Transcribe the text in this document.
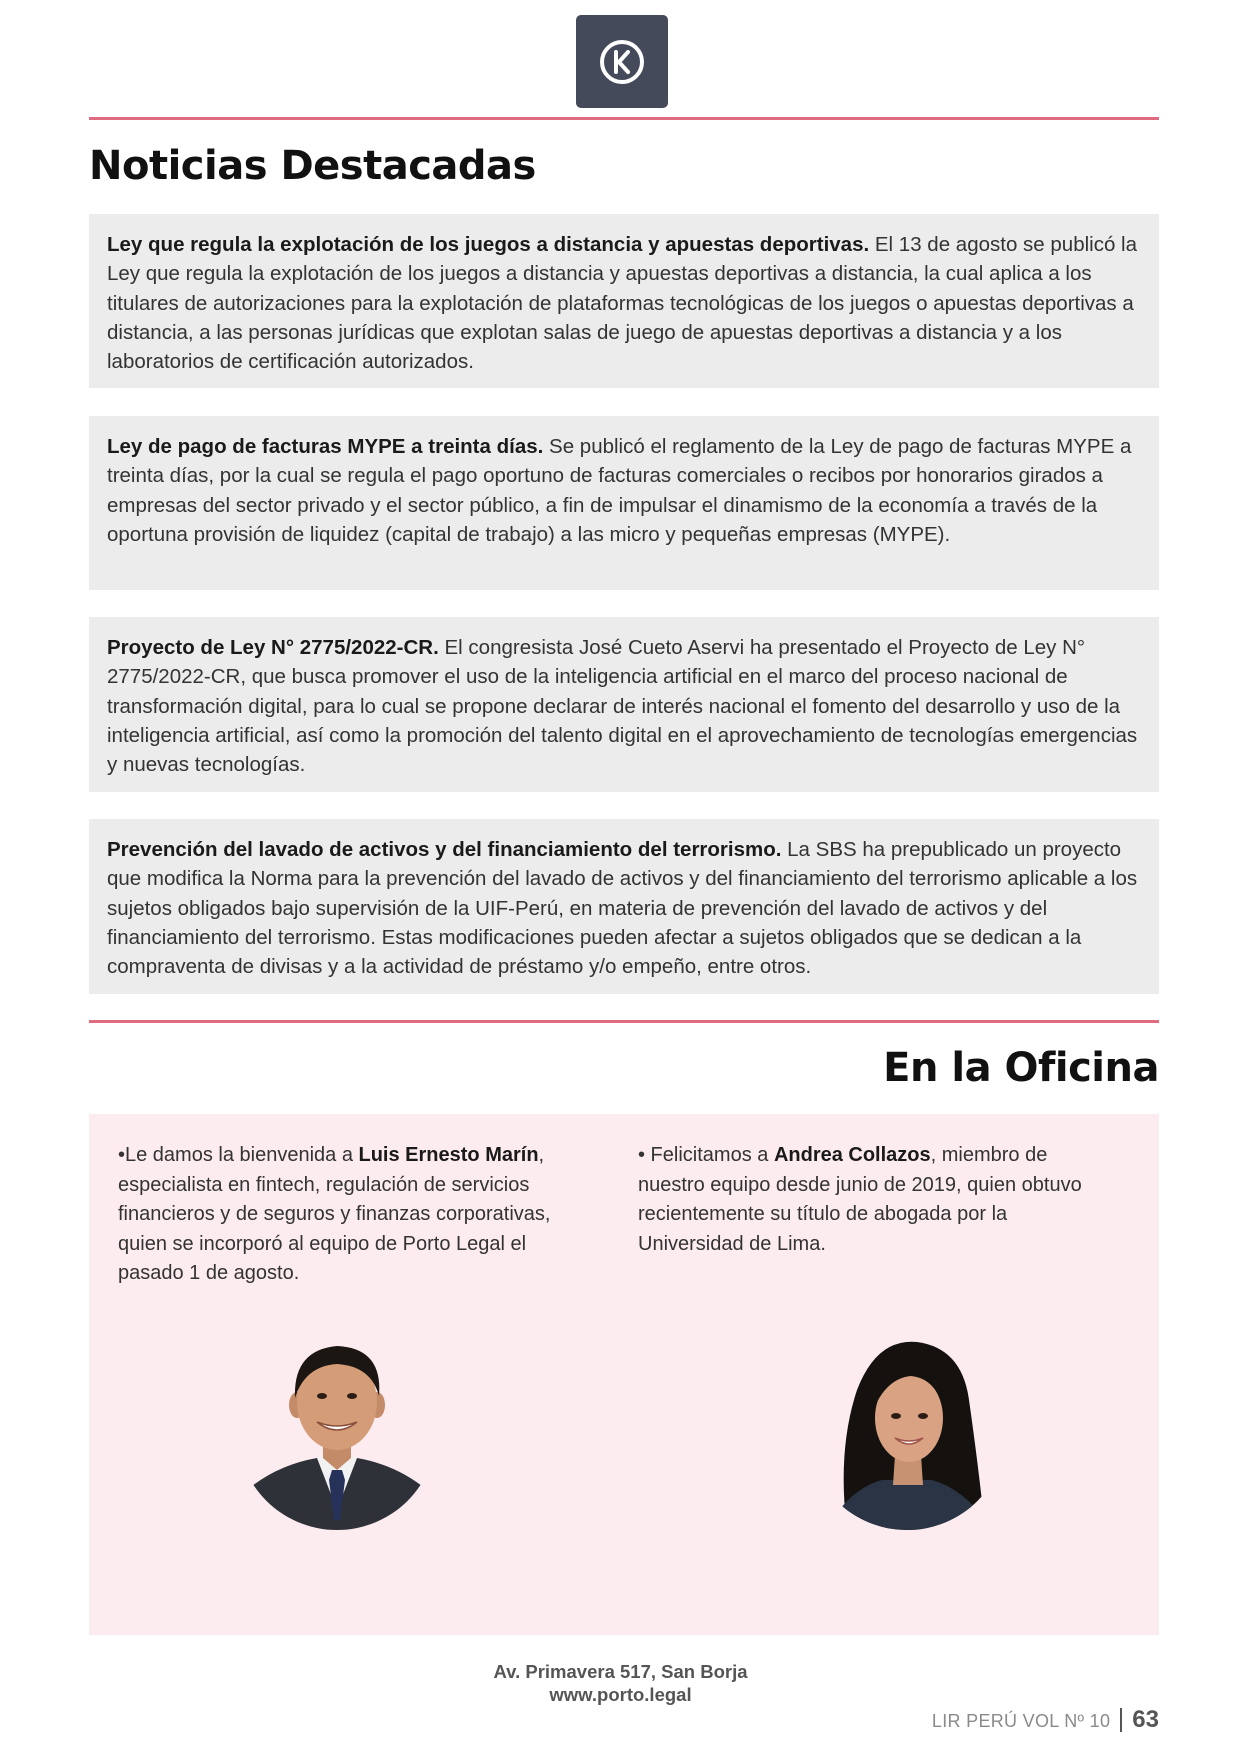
Noticias Destacadas
Ley que regula la explotación de los juegos a distancia y apuestas deportivas. El 13 de agosto se publicó la Ley que regula la explotación de los juegos a distancia y apuestas deportivas a distancia, la cual aplica a los titulares de autorizaciones para la explotación de plataformas tecnológicas de los juegos o apuestas deportivas a distancia, a las personas jurídicas que explotan salas de juego de apuestas deportivas a distancia y a los laboratorios de certificación autorizados.
Ley de pago de facturas MYPE a treinta días. Se publicó el reglamento de la Ley de pago de facturas MYPE a treinta días, por la cual se regula el pago oportuno de facturas comerciales o recibos por honorarios girados a empresas del sector privado y el sector público, a fin de impulsar el dinamismo de la economía a través de la oportuna provisión de liquidez (capital de trabajo) a las micro y pequeñas empresas (MYPE).
Proyecto de Ley N° 2775/2022-CR. El congresista José Cueto Aservi ha presentado el Proyecto de Ley N° 2775/2022-CR, que busca promover el uso de la inteligencia artificial en el marco del proceso nacional de transformación digital, para lo cual se propone declarar de interés nacional el fomento del desarrollo y uso de la inteligencia artificial, así como la promoción del talento digital en el aprovechamiento de tecnologías emergencias y nuevas tecnologías.
Prevención del lavado de activos y del financiamiento del terrorismo. La SBS ha prepublicado un proyecto que modifica la Norma para la prevención del lavado de activos y del financiamiento del terrorismo aplicable a los sujetos obligados bajo supervisión de la UIF-Perú, en materia de prevención del lavado de activos y del financiamiento del terrorismo. Estas modificaciones pueden afectar a sujetos obligados que se dedican a la compraventa de divisas y a la actividad de préstamo y/o empeño, entre otros.
En la Oficina
•Le damos la bienvenida a Luis Ernesto Marín, especialista en fintech, regulación de servicios financieros y de seguros y finanzas corporativas, quien se incorporó al equipo de Porto Legal el pasado 1 de agosto.
• Felicitamos a Andrea Collazos, miembro de nuestro equipo desde junio de 2019, quien obtuvo recientemente su título de abogada por la Universidad de Lima.
Av. Primavera 517, San Borja
www.porto.legal
LIR PERÚ VOL Nº 10 63
